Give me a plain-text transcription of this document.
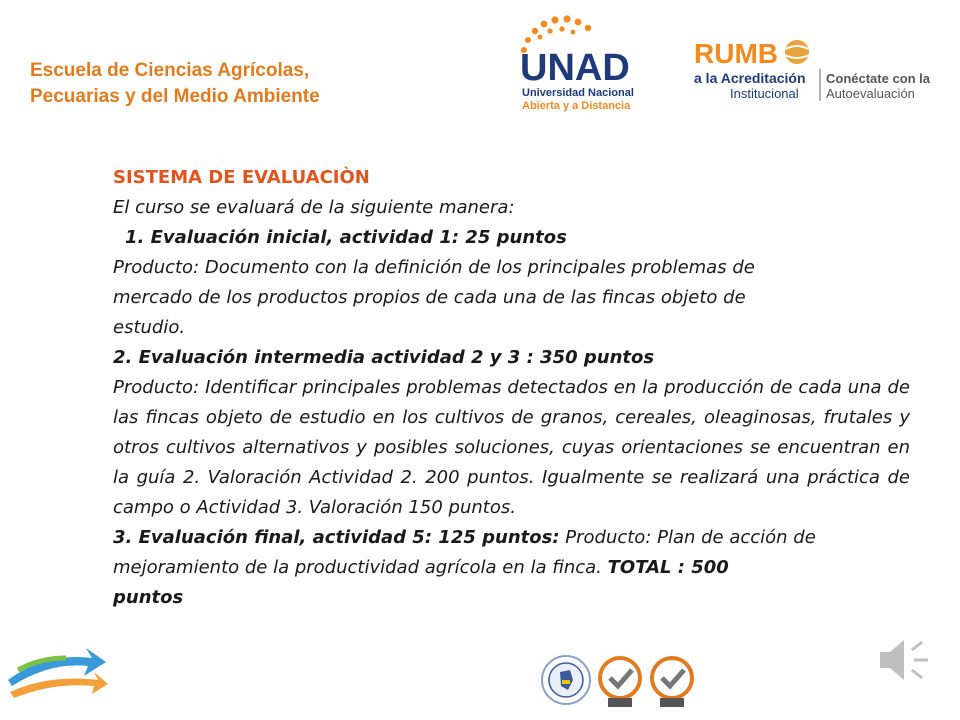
Escuela de Ciencias Agrícolas,
Pecuarias y del Medio Ambiente
UNAD
Universidad Nacional
Abierta y a Distancia
RUMB
a la Acreditación
Institucional
Conéctate con la
Autoevaluación
SISTEMA DE EVALUACIÒN
El curso se evaluará de la siguiente manera:
1. Evaluación inicial, actividad 1: 25 puntos
Producto: Documento con la definición de los principales problemas de
mercado de los productos propios de cada una de las fincas objeto de
estudio.
2. Evaluación intermedia actividad 2 y 3 : 350 puntos
Producto: Identificar principales problemas detectados en la producción de cada una de las fincas objeto de estudio en los cultivos de granos, cereales, oleaginosas, frutales y otros cultivos alternativos y posibles soluciones, cuyas orientaciones se encuentran en la guía 2. Valoración Actividad 2. 200 puntos. Igualmente se realizará una práctica de campo o Actividad 3. Valoración 150 puntos.
3. Evaluación final, actividad 5: 125 puntos: Producto: Plan de acción de
mejoramiento de la productividad agrícola en la finca. TOTAL : 500
puntos
